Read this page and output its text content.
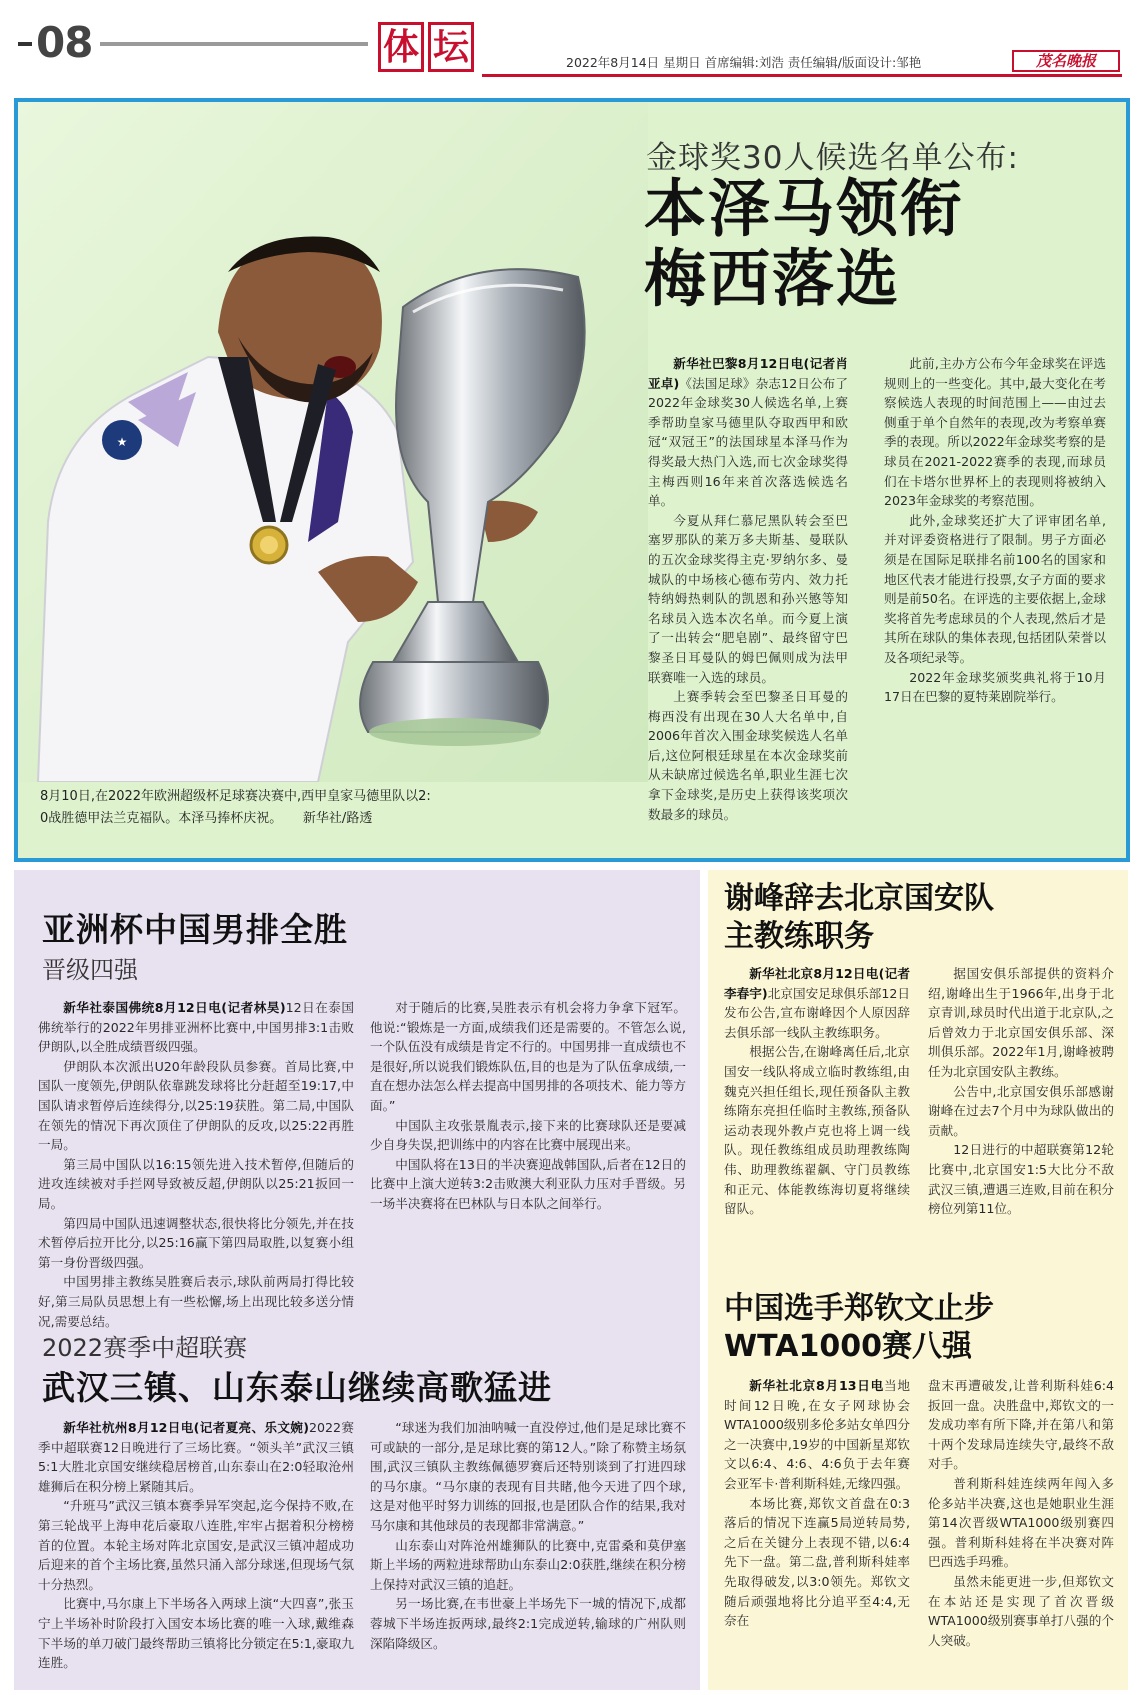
08	体 坛	2022年8月14日 星期日 首席编辑:刘浩 责任编辑/版面设计:邹艳	茂名晚报
★
8月10日,在2022年欧洲超级杯足球赛决赛中,西甲皇家马德里队以2:
0战胜德甲法兰克福队。本泽马捧杯庆祝。     新华社/路透
金球奖30人候选名单公布:
本泽马领衔
梅西落选

新华社巴黎8月12日电(记者肖亚卓)《法国足球》杂志12日公布了2022年金球奖30人候选名单,上赛季帮助皇家马德里队夺取西甲和欧冠“双冠王”的法国球星本泽马作为得奖最大热门入选,而七次金球奖得主梅西则16年来首次落选候选名单。

今夏从拜仁慕尼黑队转会至巴塞罗那队的莱万多夫斯基、曼联队的五次金球奖得主克·罗纳尔多、曼城队的中场核心德布劳内、效力托特纳姆热刺队的凯恩和孙兴慜等知名球员入选本次名单。而今夏上演了一出转会“肥皂剧”、最终留守巴黎圣日耳曼队的姆巴佩则成为法甲联赛唯一入选的球员。

上赛季转会至巴黎圣日耳曼的梅西没有出现在30人大名单中,自2006年首次入围金球奖候选人名单后,这位阿根廷球星在本次金球奖前从未缺席过候选名单,职业生涯七次拿下金球奖,是历史上获得该奖项次数最多的球员。

此前,主办方公布今年金球奖在评选规则上的一些变化。其中,最大变化在考察候选人表现的时间范围上——由过去侧重于单个自然年的表现,改为考察单赛季的表现。所以2022年金球奖考察的是球员在2021-2022赛季的表现,而球员们在卡塔尔世界杯上的表现则将被纳入2023年金球奖的考察范围。

此外,金球奖还扩大了评审团名单,并对评委资格进行了限制。男子方面必须是在国际足联排名前100名的国家和地区代表才能进行投票,女子方面的要求则是前50名。在评选的主要依据上,金球奖将首先考虑球员的个人表现,然后才是其所在球队的集体表现,包括团队荣誉以及各项纪录等。

2022年金球奖颁奖典礼将于10月17日在巴黎的夏特莱剧院举行。

亚洲杯中国男排全胜
晋级四强

新华社泰国佛统8月12日电(记者林昊)12日在泰国佛统举行的2022年男排亚洲杯比赛中,中国男排3:1击败伊朗队,以全胜成绩晋级四强。

伊朗队本次派出U20年龄段队员参赛。首局比赛,中国队一度领先,伊朗队依靠跳发球将比分赶超至19:17,中国队请求暂停后连续得分,以25:19获胜。第二局,中国队在领先的情况下再次顶住了伊朗队的反攻,以25:22再胜一局。

第三局中国队以16:15领先进入技术暂停,但随后的进攻连续被对手拦网导致被反超,伊朗队以25:21扳回一局。

第四局中国队迅速调整状态,很快将比分领先,并在技术暂停后拉开比分,以25:16赢下第四局取胜,以复赛小组第一身份晋级四强。

中国男排主教练吴胜赛后表示,球队前两局打得比较好,第三局队员思想上有一些松懈,场上出现比较多送分情况,需要总结。

对于随后的比赛,吴胜表示有机会将力争拿下冠军。他说:“锻炼是一方面,成绩我们还是需要的。不管怎么说,一个队伍没有成绩是肯定不行的。中国男排一直成绩也不是很好,所以说我们锻炼队伍,目的也是为了队伍拿成绩,一直在想办法怎么样去提高中国男排的各项技术、能力等方面。”

中国队主攻张景胤表示,接下来的比赛球队还是要减少自身失误,把训练中的内容在比赛中展现出来。

中国队将在13日的半决赛迎战韩国队,后者在12日的比赛中上演大逆转3:2击败澳大利亚队力压对手晋级。另一场半决赛将在巴林队与日本队之间举行。

2022赛季中超联赛
武汉三镇、山东泰山继续高歌猛进

新华社杭州8月12日电(记者夏亮、乐文婉)2022赛季中超联赛12日晚进行了三场比赛。“领头羊”武汉三镇5:1大胜北京国安继续稳居榜首,山东泰山在2:0轻取沧州雄狮后在积分榜上紧随其后。

“升班马”武汉三镇本赛季异军突起,迄今保持不败,在第三轮战平上海申花后豪取八连胜,牢牢占据着积分榜榜首的位置。本轮主场对阵北京国安,是武汉三镇冲超成功后迎来的首个主场比赛,虽然只涌入部分球迷,但现场气氛十分热烈。

比赛中,马尔康上下半场各入两球上演“大四喜”,张玉宁上半场补时阶段打入国安本场比赛的唯一入球,戴维森下半场的单刀破门最终帮助三镇将比分锁定在5:1,豪取九连胜。

“球迷为我们加油呐喊一直没停过,他们是足球比赛不可或缺的一部分,是足球比赛的第12人。”除了称赞主场氛围,武汉三镇队主教练佩德罗赛后还特别谈到了打进四球的马尔康。“马尔康的表现有目共睹,他今天进了四个球,这是对他平时努力训练的回报,也是团队合作的结果,我对马尔康和其他球员的表现都非常满意。”

山东泰山对阵沧州雄狮队的比赛中,克雷桑和莫伊塞斯上半场的两粒进球帮助山东泰山2:0获胜,继续在积分榜上保持对武汉三镇的追赶。

另一场比赛,在韦世豪上半场先下一城的情况下,成都蓉城下半场连扳两球,最终2:1完成逆转,输球的广州队则深陷降级区。

谢峰辞去北京国安队
主教练职务

新华社北京8月12日电(记者李春宇)北京国安足球俱乐部12日发布公告,宣布谢峰因个人原因辞去俱乐部一线队主教练职务。

根据公告,在谢峰离任后,北京国安一线队将成立临时教练组,由魏克兴担任组长,现任预备队主教练隋东亮担任临时主教练,预备队运动表现外教卢克也将上调一线队。现任教练组成员助理教练陶伟、助理教练翟飙、守门员教练和正元、体能教练海切夏将继续留队。

据国安俱乐部提供的资料介绍,谢峰出生于1966年,出身于北京青训,球员时代出道于北京队,之后曾效力于北京国安俱乐部、深圳俱乐部。2022年1月,谢峰被聘任为北京国安队主教练。

公告中,北京国安俱乐部感谢谢峰在过去7个月中为球队做出的贡献。

12日进行的中超联赛第12轮比赛中,北京国安1:5大比分不敌武汉三镇,遭遇三连败,目前在积分榜位列第11位。

中国选手郑钦文止步
WTA1000赛八强

新华社北京8月13日电当地时间12日晚,在女子网球协会WTA1000级别多伦多站女单四分之一决赛中,19岁的中国新星郑钦文以6:4、4:6、4:6负于去年赛会亚军卡·普利斯科娃,无缘四强。

本场比赛,郑钦文首盘在0:3落后的情况下连赢5局逆转局势,之后在关键分上表现不错,以6:4先下一盘。第二盘,普利斯科娃率先取得破发,以3:0领先。郑钦文随后顽强地将比分追平至4:4,无奈在

盘末再遭破发,让普利斯科娃6:4扳回一盘。决胜盘中,郑钦文的一发成功率有所下降,并在第八和第十两个发球局连续失守,最终不敌对手。

普利斯科娃连续两年闯入多伦多站半决赛,这也是她职业生涯第14次晋级WTA1000级别赛四强。普利斯科娃将在半决赛对阵巴西选手玛雅。

虽然未能更进一步,但郑钦文在本站还是实现了首次晋级WTA1000级别赛事单打八强的个人突破。
